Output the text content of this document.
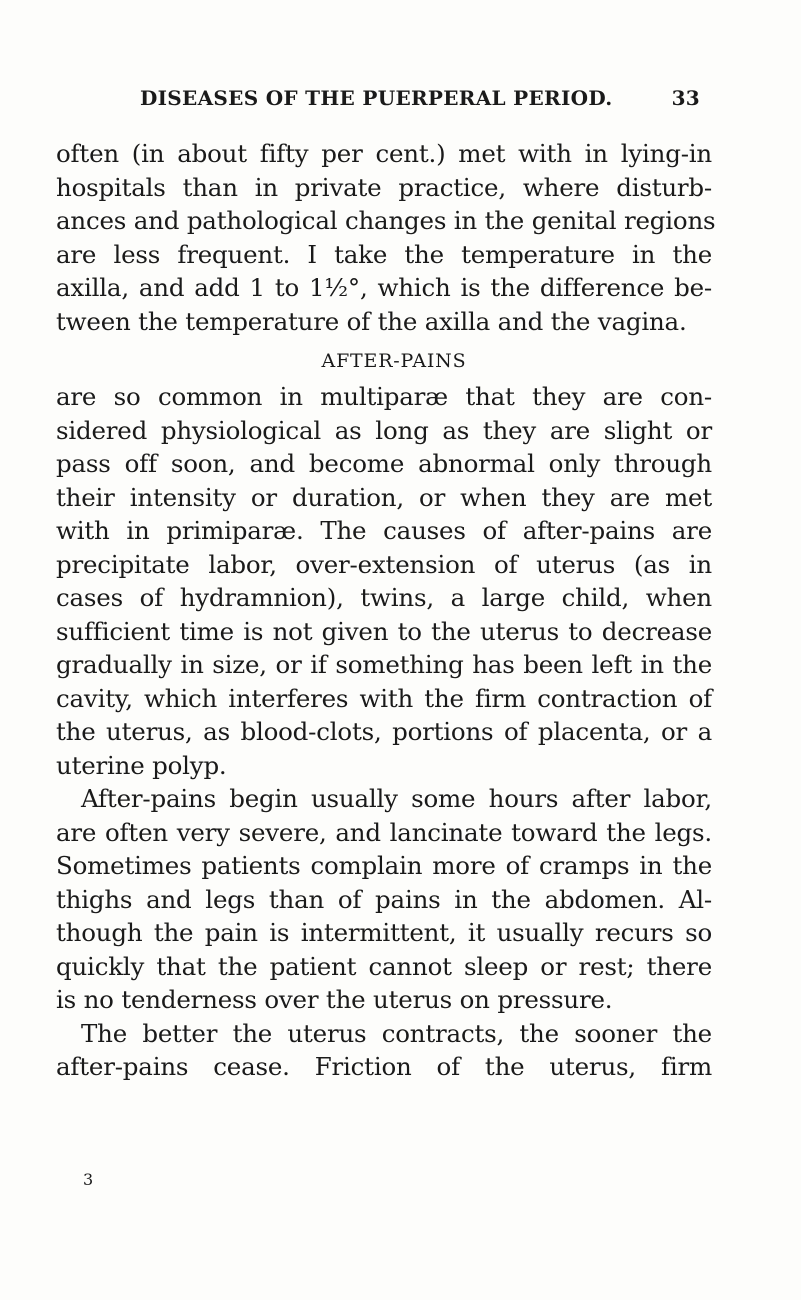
DISEASES OF THE PUERPERAL PERIOD.	33
often (in about fifty per cent.) met with in lying-in
hospitals than in private practice, where disturb-
ances and pathological changes in the genital regions
are less frequent. I take the temperature in the
axilla, and add 1 to 1½°, which is the difference be-
tween the temperature of the axilla and the vagina.
AFTER-PAINS
are so common in multiparæ that they are con-
sidered physiological as long as they are slight or
pass off soon, and become abnormal only through
their intensity or duration, or when they are met
with in primiparæ. The causes of after-pains are
precipitate labor, over-extension of uterus (as in
cases of hydramnion), twins, a large child, when
sufficient time is not given to the uterus to decrease
gradually in size, or if something has been left in the
cavity, which interferes with the firm contraction of
the uterus, as blood-clots, portions of placenta, or a
uterine polyp.
After-pains begin usually some hours after labor,
are often very severe, and lancinate toward the legs.
Sometimes patients complain more of cramps in the
thighs and legs than of pains in the abdomen. Al-
though the pain is intermittent, it usually recurs so
quickly that the patient cannot sleep or rest; there
is no tenderness over the uterus on pressure.
The better the uterus contracts, the sooner the
after-pains cease. Friction of the uterus, firm
3
